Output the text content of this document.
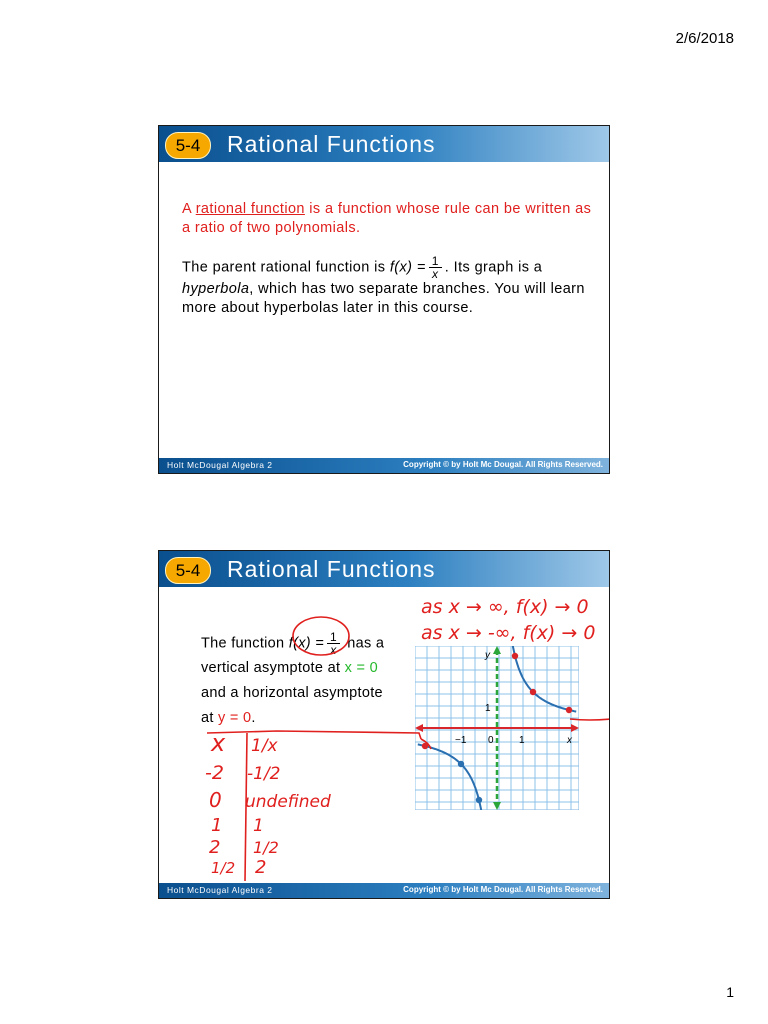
2/6/2018
5-4	Rational Functions
A rational function is a function whose rule can be written as a ratio of two polynomials.
The parent rational function is $f(x) = \frac{1}{x}$ . Its graph is a hyperbola, which has two separate branches. You will learn more about hyperbolas later in this course.
Holt McDougal Algebra 2	Copyright © by Holt Mc Dougal. All Rights Reserved.
5-4	Rational Functions
The function $f(x) = \frac{1}{x}$ has a vertical asymptote at x = 0 and a horizontal asymptote at y = 0.
y
x
1
−1 0
1
as x → ∞, f(x) → 0
as x → -∞, f(x) → 0
x 1/x
-2 -1/2
0 undefined
1 1
2 1/2
1/2 2
Holt McDougal Algebra 2	Copyright © by Holt Mc Dougal. All Rights Reserved.
1
